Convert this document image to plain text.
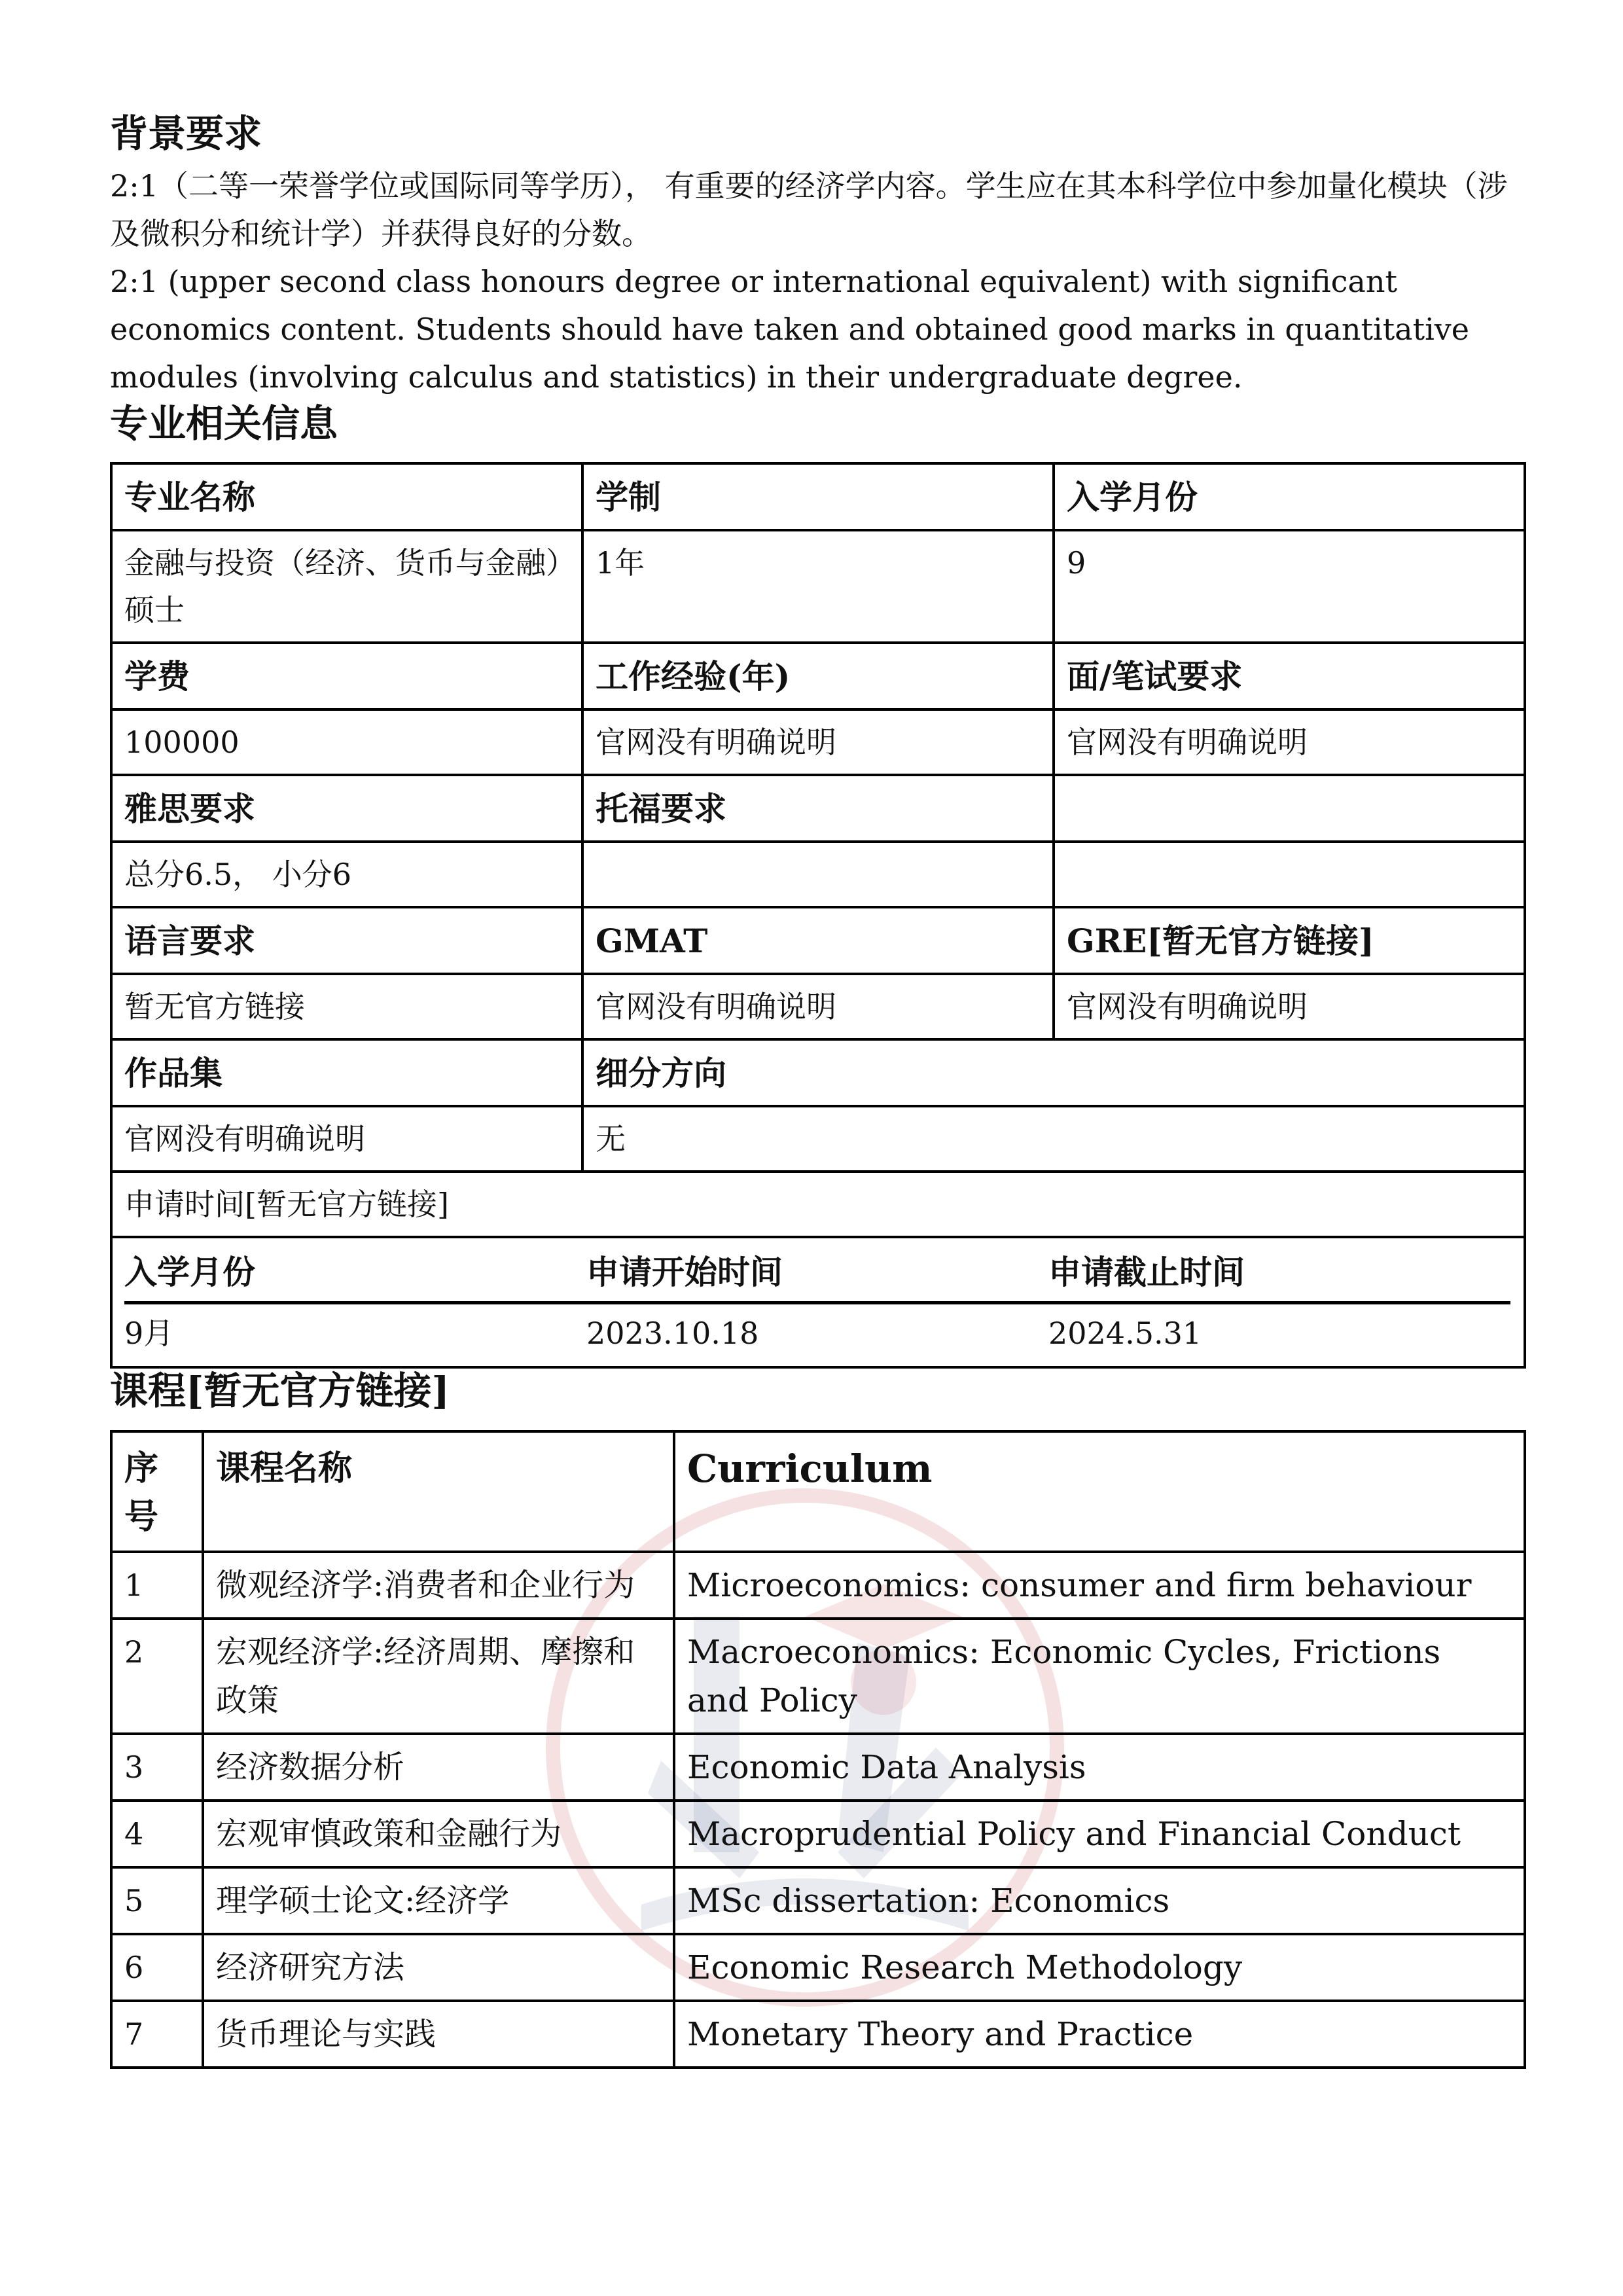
背景要求

2:1（二等一荣誉学位或国际同等学历）， 有重要的经济学内容。学生应在其本科学位中参加量化模块（涉及微积分和统计学）并获得良好的分数。

2:1 (upper second class honours degree or international equivalent) with significant economics content. Students should have taken and obtained good marks in quantitative modules (involving calculus and statistics) in their undergraduate degree.

专业相关信息
专业名称	学制	入学月份
金融与投资（经济、货币与金融）硕士	1年	9
学费	工作经验(年)	面/笔试要求
100000	官网没有明确说明	官网没有明确说明
雅思要求	托福要求	
总分6.5， 小分6		
语言要求	GMAT	GRE[暂无官方链接]
暂无官方链接	官网没有明确说明	官网没有明确说明
作品集	细分方向
官网没有明确说明	无
申请时间[暂无官方链接]

入学月份	申请开始时间	申请截止时间
9月	2023.10.18	2024.5.31
课程[暂无官方链接]
序号	课程名称	Curriculum
1	微观经济学:消费者和企业行为	Microeconomics: consumer and firm behaviour
2	宏观经济学:经济周期、摩擦和政策	Macroeconomics: Economic Cycles, Frictions and Policy
3	经济数据分析	Economic Data Analysis
4	宏观审慎政策和金融行为	Macroprudential Policy and Financial Conduct
5	理学硕士论文:经济学	MSc dissertation: Economics
6	经济研究方法	Economic Research Methodology
7	货币理论与实践	Monetary Theory and Practice
